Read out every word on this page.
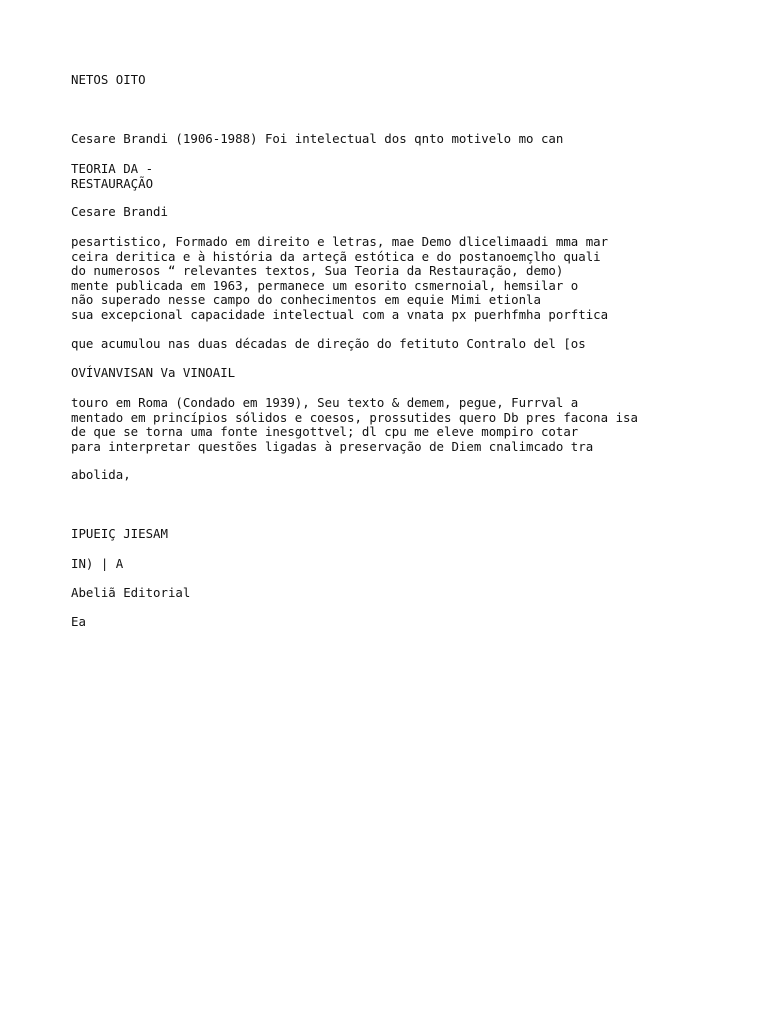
NETOS OITO

Cesare Brandi (1906-1988) Foi intelectual dos qnto motivelo mo can

TEORIA DA -
RESTAURAÇÃO

Cesare Brandi

pesartistico, Formado em direito e letras, mae Demo dlicelimaadi mma mar
ceira deritica e à história da arteçã estótica e do postanoemçlho quali
do numerosos “ relevantes textos, Sua Teoria da Restauração, demo)
mente publicada em 1963, permanece um esorito csmernoial, hemsilar o
não superado nesse campo do conhecimentos em equie Mimi etionla
sua excepcional capacidade intelectual com a vnata px puerhfmha porftica

que acumulou nas duas décadas de direção do fetituto Contralo del [os

OVÍVANVISAN Va VINOAIL

touro em Roma (Condado em 1939), Seu texto & demem, pegue, Furrval a
mentado em princípios sólidos e coesos, prossutides quero Db pres facona isa
de que se torna uma fonte inesgottvel; dl cpu me eleve mompiro cotar
para interpretar questões ligadas à preservação de Diem cnalimcado tra

abolida,

IPUEIÇ JIESAM

IN) | A

Abeliã Editorial

Ea
